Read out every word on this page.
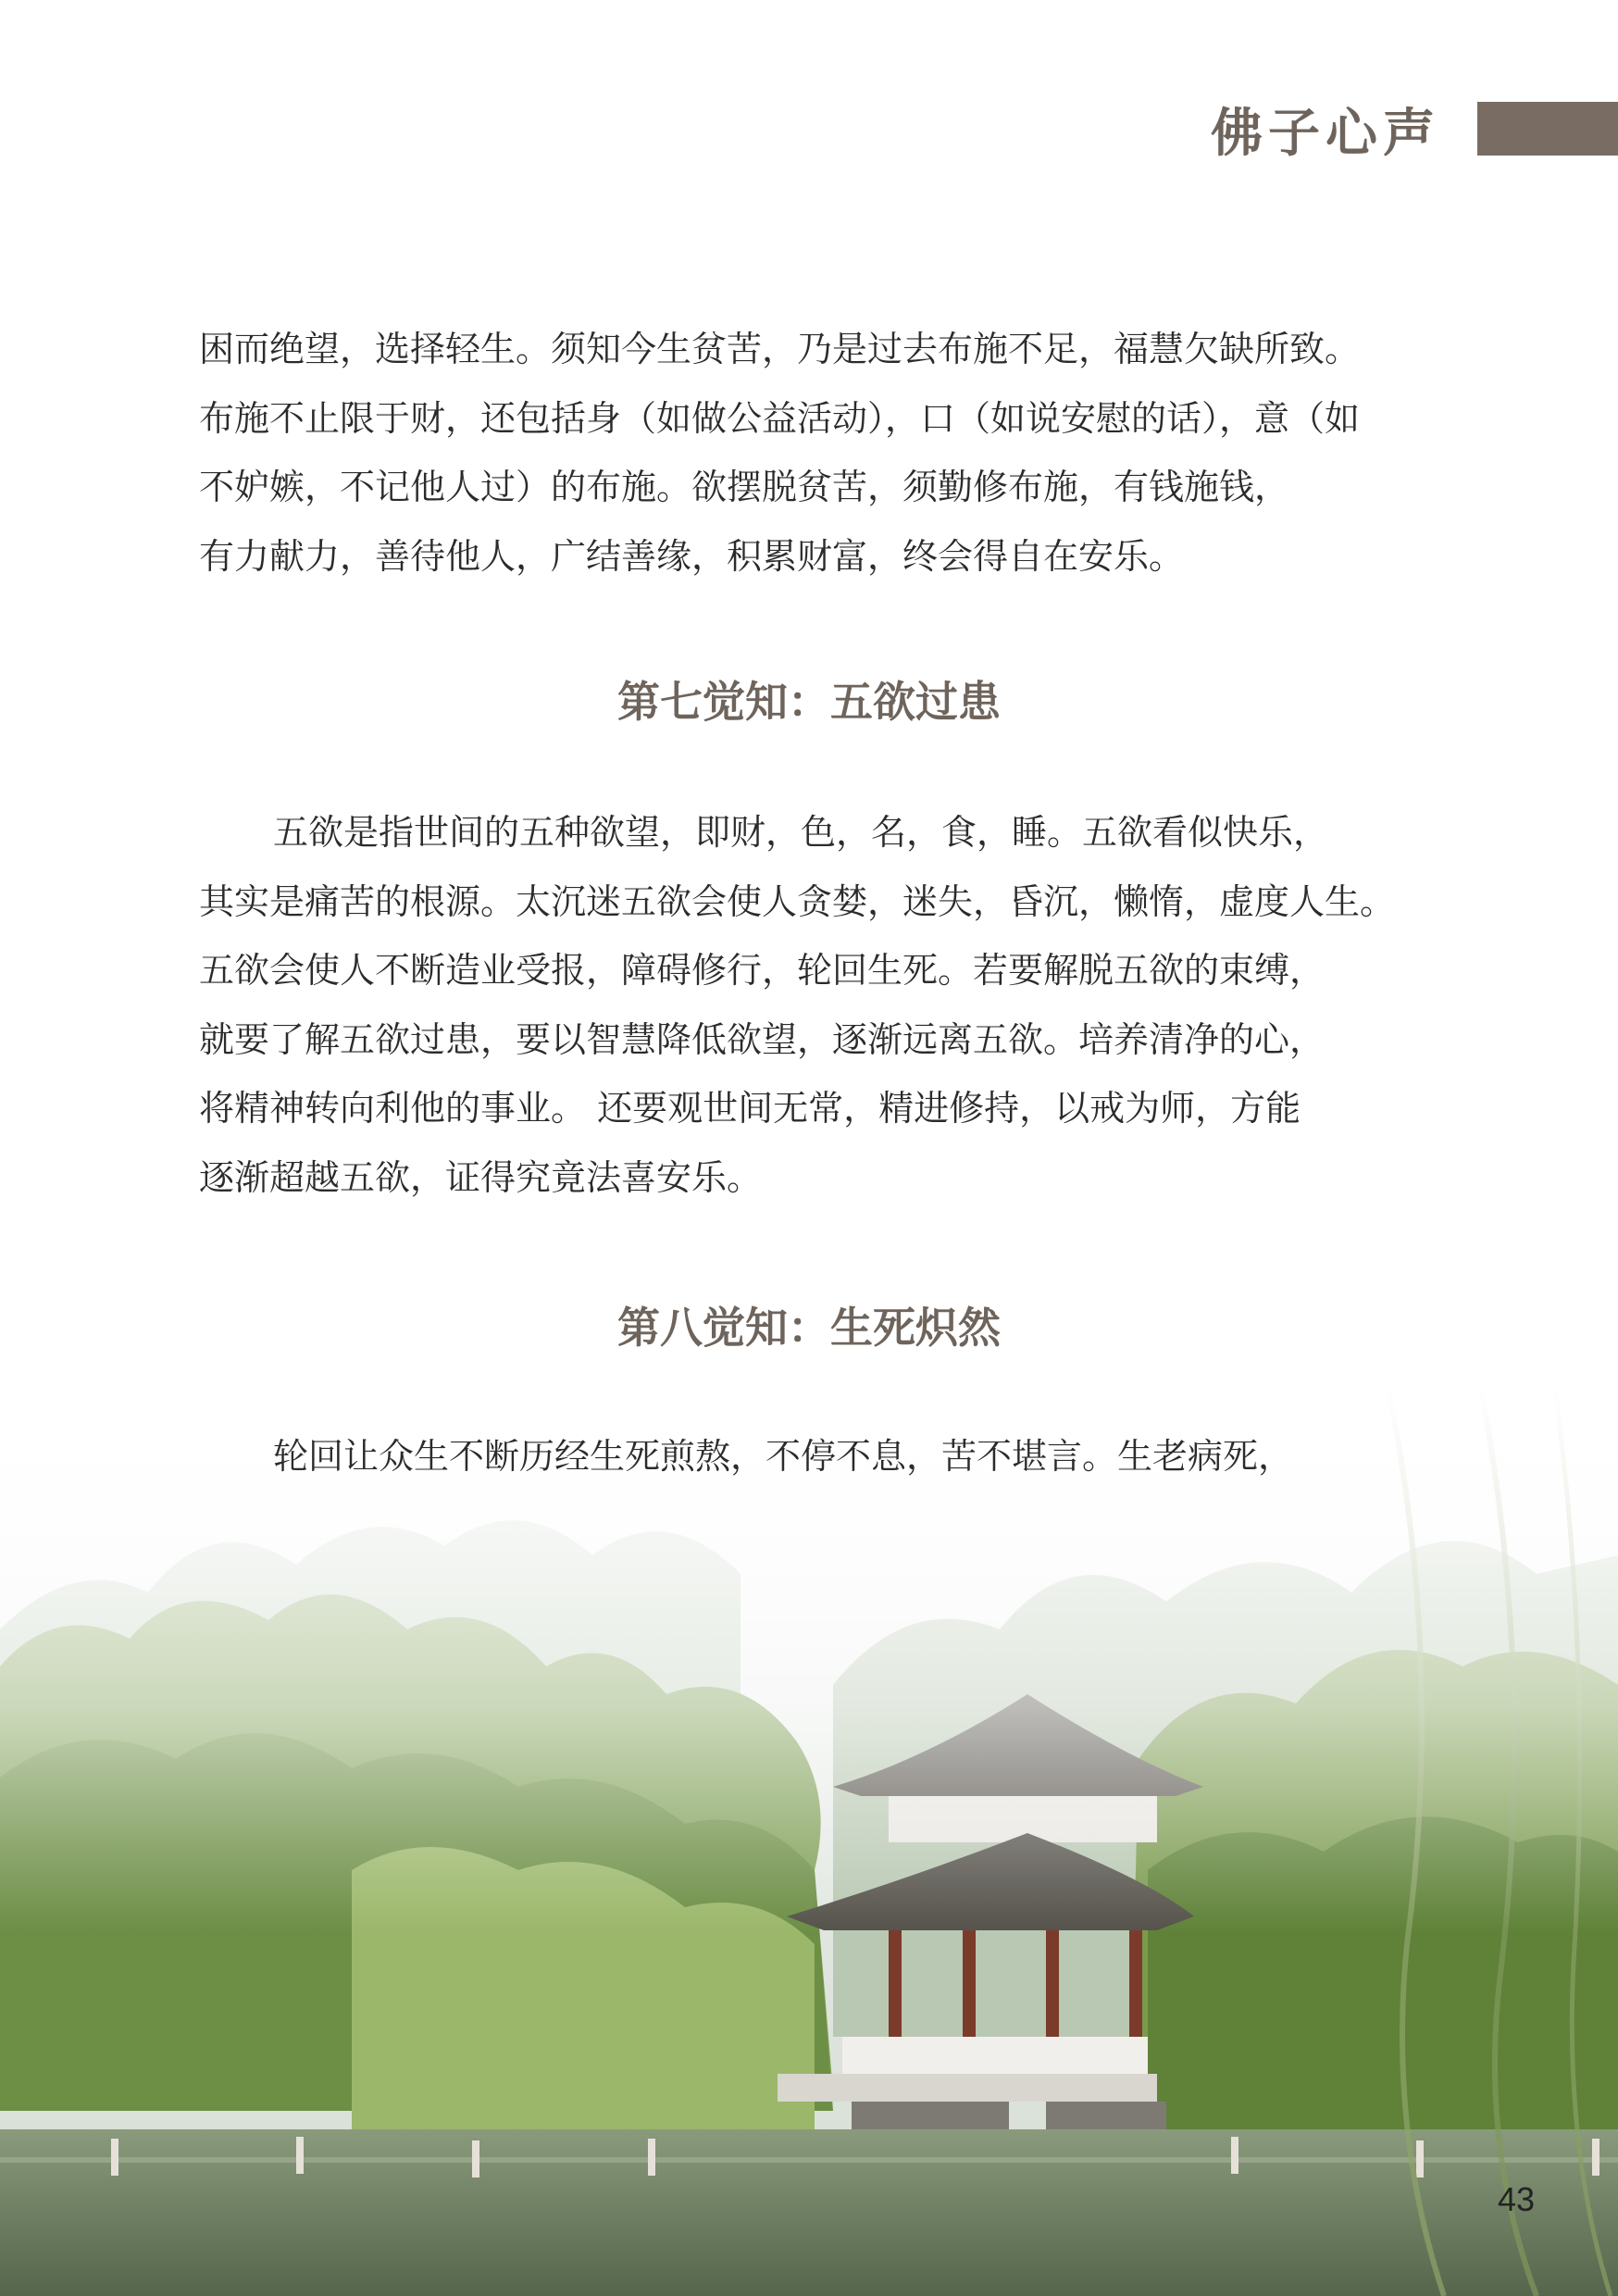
佛子心声
困而绝望，选择轻生。须知今生贫苦，乃是过去布施不足，福慧欠缺所致。
布施不止限于财，还包括身（如做公益活动），口（如说安慰的话），意（如
不妒嫉，不记他人过）的布施。欲摆脱贫苦，须勤修布施，有钱施钱，
有力献力，善待他人，广结善缘，积累财富，终会得自在安乐。
第七觉知：五欲过患
五欲是指世间的五种欲望，即财，色，名，食，睡。五欲看似快乐，
其实是痛苦的根源。太沉迷五欲会使人贪婪，迷失，昏沉，懒惰，虚度人生。
五欲会使人不断造业受报，障碍修行，轮回生死。若要解脱五欲的束缚，
就要了解五欲过患，要以智慧降低欲望，逐渐远离五欲。培养清净的心，
将精神转向利他的事业。 还要观世间无常，精进修持，以戒为师，方能
逐渐超越五欲，证得究竟法喜安乐。
第八觉知：生死炽然
轮回让众生不断历经生死煎熬，不停不息，苦不堪言。生老病死，
43
